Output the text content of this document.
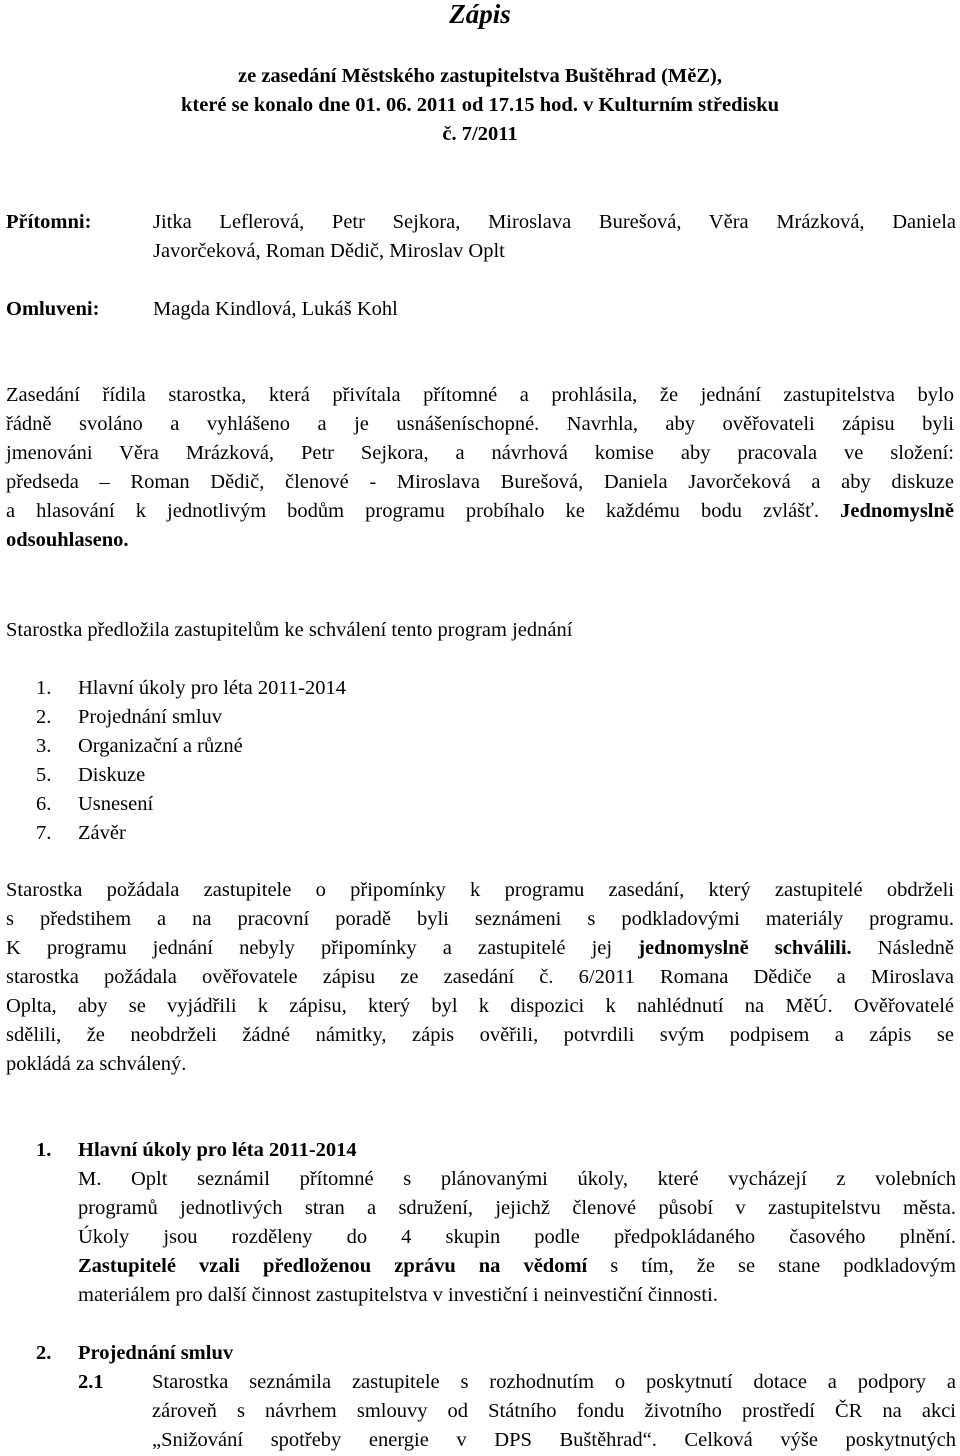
Zápis
ze zasedání Městského zastupitelstva Buštěhrad (MěZ),
které se konalo dne 01. 06. 2011 od 17.15 hod. v Kulturním středisku
č. 7/2011
Přítomni:	Jitka Leflerová, Petr Sejkora, Miroslava Burešová, Věra Mrázková, Daniela
Javorčeková, Roman Dědič, Miroslav Oplt
Omluveni:	Magda Kindlová, Lukáš Kohl
Zasedání řídila starostka, která přivítala přítomné a prohlásila, že jednání zastupitelstva bylo
řádně svoláno a vyhlášeno a je usnášeníschopné. Navrhla, aby ověřovateli zápisu byli
jmenováni Věra Mrázková, Petr Sejkora, a návrhová komise aby pracovala ve složení:
předseda – Roman Dědič, členové - Miroslava Burešová, Daniela Javorčeková a aby diskuze
a hlasování k jednotlivým bodům programu probíhalo ke každému bodu zvlášť. Jednomyslně
odsouhlaseno.
Starostka předložila zastupitelům ke schválení tento program jednání
1. Hlavní úkoly pro léta 2011-2014
2. Projednání smluv
3. Organizační a různé
5. Diskuze
6. Usnesení
7. Závěr
Starostka požádala zastupitele o připomínky k programu zasedání, který zastupitelé obdrželi
s předstihem a na pracovní poradě byli seznámeni s podkladovými materiály programu.
K programu jednání nebyly připomínky a zastupitelé jej jednomyslně schválili. Následně
starostka požádala ověřovatele zápisu ze zasedání č. 6/2011 Romana Dědiče a Miroslava
Oplta, aby se vyjádřili k zápisu, který byl k dispozici k nahlédnutí na MěÚ. Ověřovatelé
sdělili, že neobdrželi žádné námitky, zápis ověřili, potvrdili svým podpisem a zápis se
pokládá za schválený.
1. Hlavní úkoly pro léta 2011-2014
M. Oplt seznámil přítomné s plánovanými úkoly, které vycházejí z volebních
programů jednotlivých stran a sdružení, jejichž členové působí v zastupitelstvu města.
Úkoly jsou rozděleny do 4 skupin podle předpokládaného časového plnění.
Zastupitelé vzali předloženou zprávu na vědomí s tím, že se stane podkladovým
materiálem pro další činnost zastupitelstva v investiční i neinvestiční činnosti.
2. Projednání smluv
2.1	Starostka seznámila zastupitele s rozhodnutím o poskytnutí dotace a podpory a
zároveň s návrhem smlouvy od Státního fondu životního prostředí ČR na akci
„Snižování spotřeby energie v DPS Buštěhrad“. Celková výše poskytnutých
